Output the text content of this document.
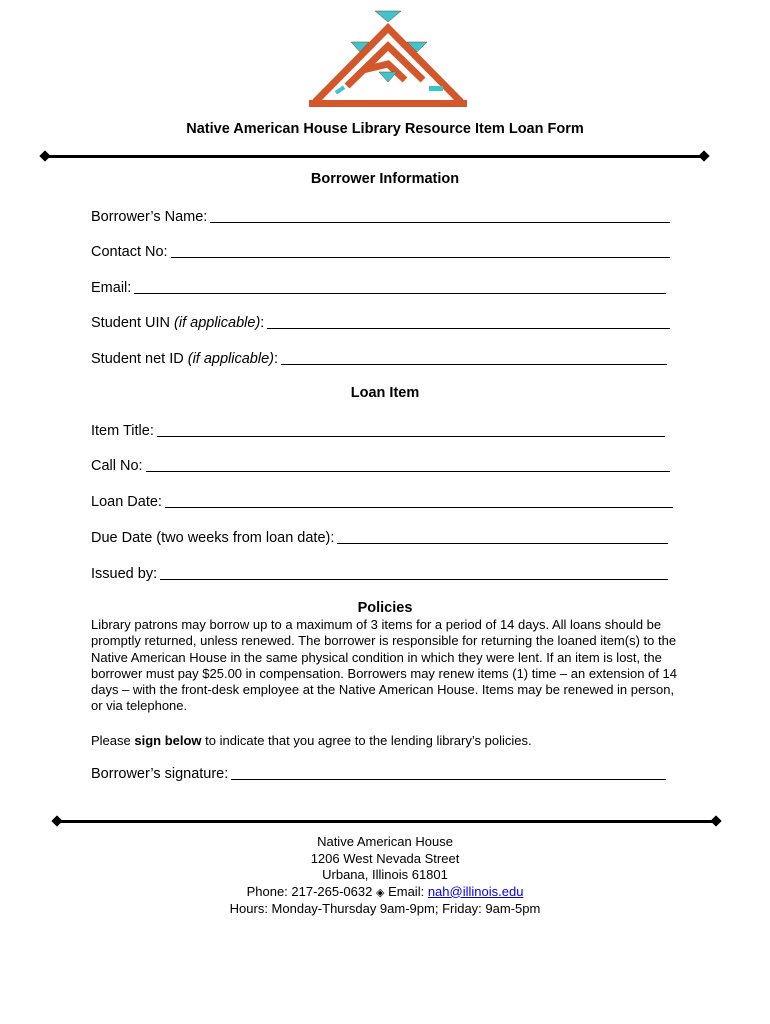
Native American House Library Resource Item Loan Form
Borrower Information
Borrower’s Name:
Contact No:
Email:
Student UIN (if applicable):
Student net ID (if applicable):
Loan Item
Item Title:
Call No:
Loan Date:
Due Date (two weeks from loan date):
Issued by:
Policies
Library patrons may borrow up to a maximum of 3 items for a period of 14 days. All loans should be promptly returned, unless renewed. The borrower is responsible for returning the loaned item(s) to the Native American House in the same physical condition in which they were lent. If an item is lost, the borrower must pay $25.00 in compensation. Borrowers may renew items (1) time – an extension of 14 days – with the front-desk employee at the Native American House. Items may be renewed in person, or via telephone.
Please sign below to indicate that you agree to the lending library’s policies.
Borrower’s signature:
Native American House
1206 West Nevada Street
Urbana, Illinois 61801
Phone: 217-265-0632 ◈ Email: nah@illinois.edu
Hours: Monday-Thursday 9am-9pm; Friday: 9am-5pm
